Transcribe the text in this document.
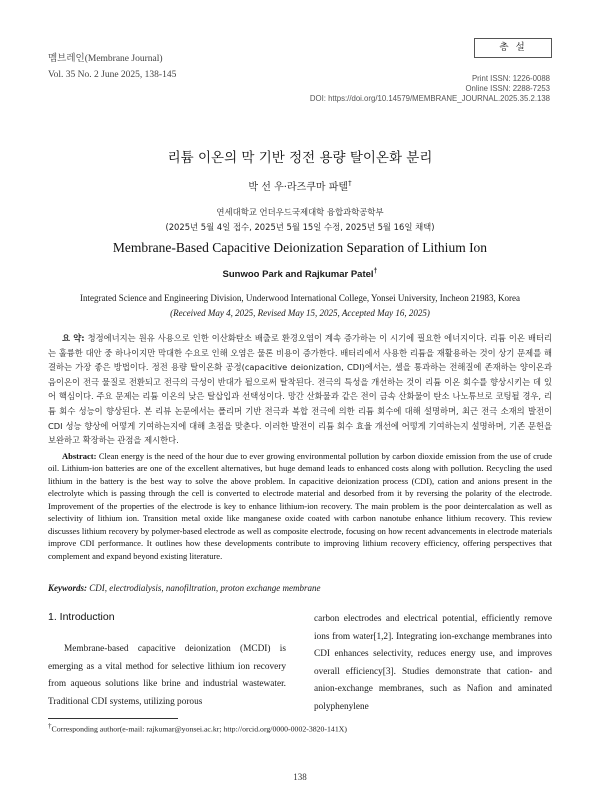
멤브레인(Membrane Journal)
Vol. 35 No. 2 June 2025, 138-145
총 설
Print ISSN: 1226-0088
Online ISSN: 2288-7253
DOI: https://doi.org/10.14579/MEMBRANE_JOURNAL.2025.35.2.138
리튬 이온의 막 기반 정전 용량 탈이온화 분리
박 선 우·라즈쿠마 파텔†
연세대학교 언더우드국제대학 융합과학공학부
(2025년 5월 4일 접수, 2025년 5월 15일 수정, 2025년 5월 16일 채택)
Membrane-Based Capacitive Deionization Separation of Lithium Ion
Sunwoo Park and Rajkumar Patel†
Integrated Science and Engineering Division, Underwood International College, Yonsei University, Incheon 21983, Korea
(Received May 4, 2025, Revised May 15, 2025, Accepted May 16, 2025)
요 약: 청정에너지는 원유 사용으로 인한 이산화탄소 배출로 환경오염이 계속 증가하는 이 시기에 필요한 에너지이다. 리튬 이온 배터리는 훌륭한 대안 중 하나이지만 막대한 수요로 인해 오염은 물론 비용이 증가한다. 배터리에서 사용한 리튬을 재활용하는 것이 상기 문제를 해결하는 가장 좋은 방법이다. 정전 용량 탈이온화 공정(capacitive deionization, CDI)에서는, 셀을 통과하는 전해질에 존재하는 양이온과 음이온이 전극 물질로 전환되고 전극의 극성이 반대가 될으로써 탈착된다. 전극의 특성을 개선하는 것이 리튬 이온 회수를 향상시키는 데 있어 핵심이다. 주요 문제는 리튬 이온의 낮은 탈삽입과 선택성이다. 망간 산화물과 같은 전이 금속 산화물이 탄소 나노튜브로 코팅될 경우, 리튬 회수 성능이 향상된다. 본 리뷰 논문에서는 폴리머 기반 전극과 복합 전극에 의한 리튬 회수에 대해 설명하며, 최근 전극 소재의 발전이 CDI 성능 향상에 어떻게 기여하는지에 대해 초점을 맞춘다. 이러한 발전이 리튬 회수 효율 개선에 어떻게 기여하는지 설명하며, 기존 문헌을 보완하고 확장하는 관점을 제시한다.
Abstract: Clean energy is the need of the hour due to ever growing environmental pollution by carbon dioxide emission from the use of crude oil. Lithium-ion batteries are one of the excellent alternatives, but huge demand leads to enhanced costs along with pollution. Recycling the used lithium in the battery is the best way to solve the above problem. In capacitive deionization process (CDI), cation and anions present in the electrolyte which is passing through the cell is converted to electrode material and desorbed from it by reversing the polarity of the electrode. Improvement of the properties of the electrode is key to enhance lithium-ion recovery. The main problem is the poor deintercalation as well as selectivity of lithium ion. Transition metal oxide like manganese oxide coated with carbon nanotube enhance lithium recovery. This review discusses lithium recovery by polymer-based electrode as well as composite electrode, focusing on how recent advancements in electrode materials improve CDI performance. It outlines how these developments contribute to improving lithium recovery efficiency, offering perspectives that complement and expand beyond existing literature.
Keywords: CDI, electrodialysis, nanofiltration, proton exchange membrane
1. Introduction

Membrane-based capacitive deionization (MCDI) is emerging as a vital method for selective lithium ion recovery from aqueous solutions like brine and industrial wastewater. Traditional CDI systems, utilizing porous

carbon electrodes and electrical potential, efficiently remove ions from water[1,2]. Integrating ion-exchange membranes into CDI enhances selectivity, reduces energy use, and improves overall efficiency[3]. Studies demonstrate that cation- and anion-exchange membranes, such as Nafion and aminated polyphenylene

†Corresponding author(e-mail: rajkumar@yonsei.ac.kr; http://orcid.org/0000-0002-3820-141X)
138
